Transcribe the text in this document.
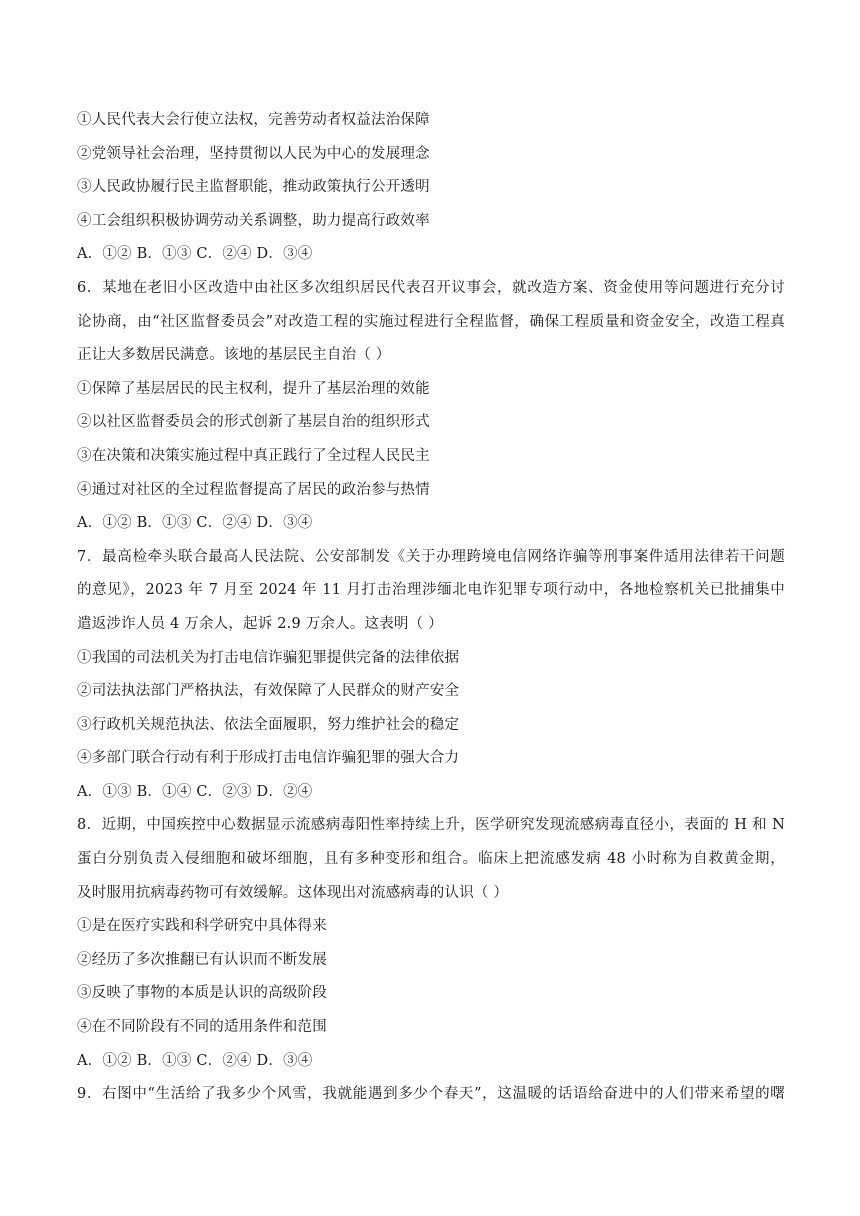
①人民代表大会行使立法权，完善劳动者权益法治保障
②党领导社会治理，坚持贯彻以人民为中心的发展理念
③人民政协履行民主监督职能，推动政策执行公开透明
④工会组织积极协调劳动关系调整，助力提高行政效率
A．①② B．①③ C．②④ D．③④
6．某地在老旧小区改造中由社区多次组织居民代表召开议事会，就改造方案、资金使用等问题进行充分讨
论协商，由“社区监督委员会”对改造工程的实施过程进行全程监督，确保工程质量和资金安全，改造工程真
正让大多数居民满意。该地的基层民主自治（ ）
①保障了基层居民的民主权利，提升了基层治理的效能
②以社区监督委员会的形式创新了基层自治的组织形式
③在决策和决策实施过程中真正践行了全过程人民民主
④通过对社区的全过程监督提高了居民的政治参与热情
A．①② B．①③ C．②④ D．③④
7．最高检牵头联合最高人民法院、公安部制发《关于办理跨境电信网络诈骗等刑事案件适用法律若干问题
的意见》，2023 年 7 月至 2024 年 11 月打击治理涉缅北电诈犯罪专项行动中，各地检察机关已批捕集中
遣返涉诈人员 4 万余人，起诉 2.9 万余人。这表明（ ）
①我国的司法机关为打击电信诈骗犯罪提供完备的法律依据
②司法执法部门严格执法，有效保障了人民群众的财产安全
③行政机关规范执法、依法全面履职，努力维护社会的稳定
④多部门联合行动有利于形成打击电信诈骗犯罪的强大合力
A．①③ B．①④ C．②③ D．②④
8．近期，中国疾控中心数据显示流感病毒阳性率持续上升，医学研究发现流感病毒直径小，表面的 H 和 N
蛋白分别负责入侵细胞和破坏细胞，且有多种变形和组合。临床上把流感发病 48 小时称为自救黄金期，
及时服用抗病毒药物可有效缓解。这体现出对流感病毒的认识（ ）
①是在医疗实践和科学研究中具体得来
②经历了多次推翻已有认识而不断发展
③反映了事物的本质是认识的高级阶段
④在不同阶段有不同的适用条件和范围
A．①② B．①③ C．②④ D．③④
9．右图中“生活给了我多少个风雪，我就能遇到多少个春天”，这温暖的话语给奋进中的人们带来希望的曙
